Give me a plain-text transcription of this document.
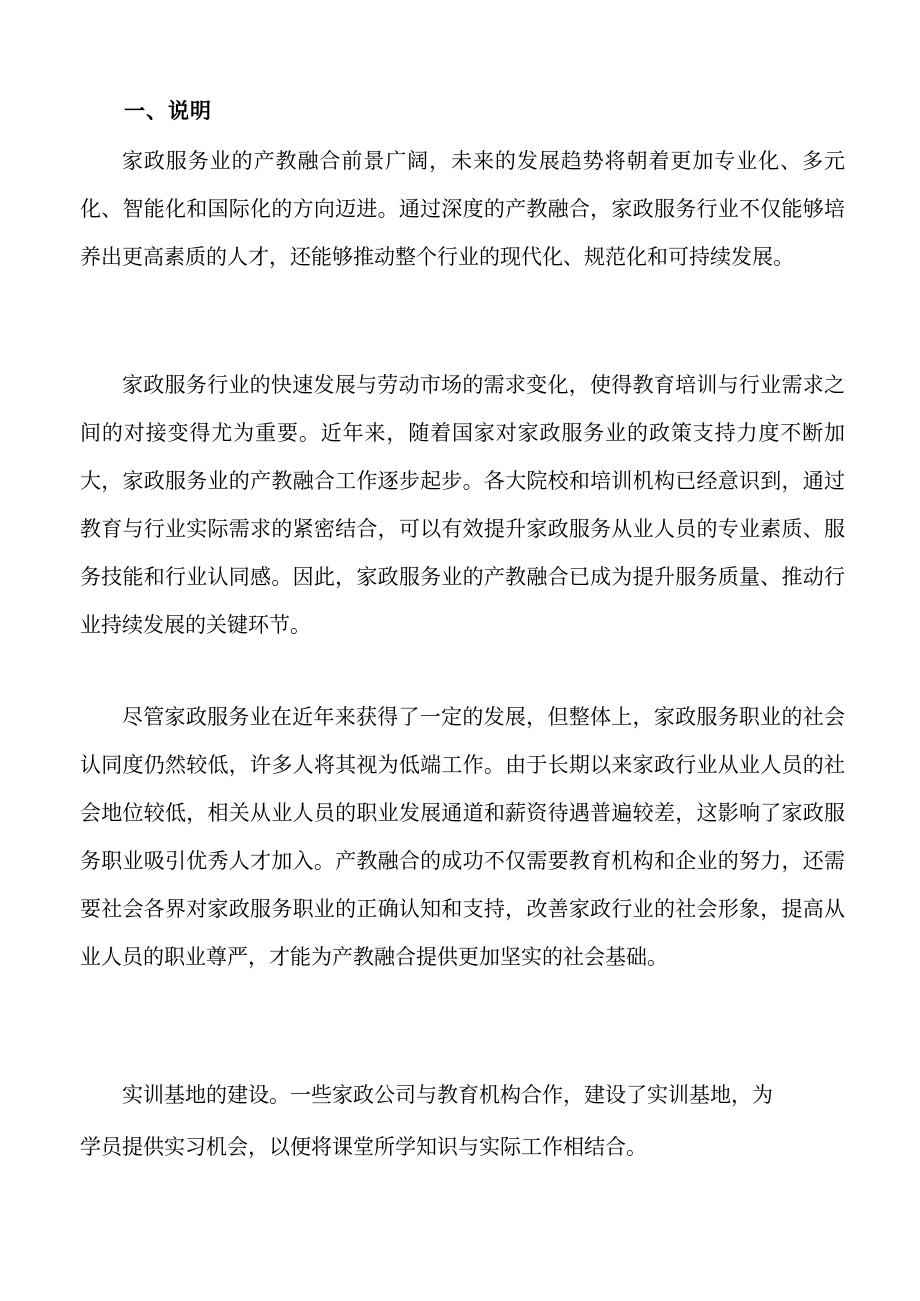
一、说明

家政服务业的产教融合前景广阔，未来的发展趋势将朝着更加专业化、多元化、智能化和国际化的方向迈进。通过深度的产教融合，家政服务行业不仅能够培养出更高素质的人才，还能够推动整个行业的现代化、规范化和可持续发展。

家政服务行业的快速发展与劳动市场的需求变化，使得教育培训与行业需求之间的对接变得尤为重要。近年来，随着国家对家政服务业的政策支持力度不断加大，家政服务业的产教融合工作逐步起步。各大院校和培训机构已经意识到，通过教育与行业实际需求的紧密结合，可以有效提升家政服务从业人员的专业素质、服务技能和行业认同感。因此，家政服务业的产教融合已成为提升服务质量、推动行业持续发展的关键环节。

尽管家政服务业在近年来获得了一定的发展，但整体上，家政服务职业的社会认同度仍然较低，许多人将其视为低端工作。由于长期以来家政行业从业人员的社会地位较低，相关从业人员的职业发展通道和薪资待遇普遍较差，这影响了家政服务职业吸引优秀人才加入。产教融合的成功不仅需要教育机构和企业的努力，还需要社会各界对家政服务职业的正确认知和支持，改善家政行业的社会形象，提高从业人员的职业尊严，才能为产教融合提供更加坚实的社会基础。

实训基地的建设。一些家政公司与教育机构合作，建设了实训基地，为学员提供实习机会，以便将课堂所学知识与实际工作相结合。
